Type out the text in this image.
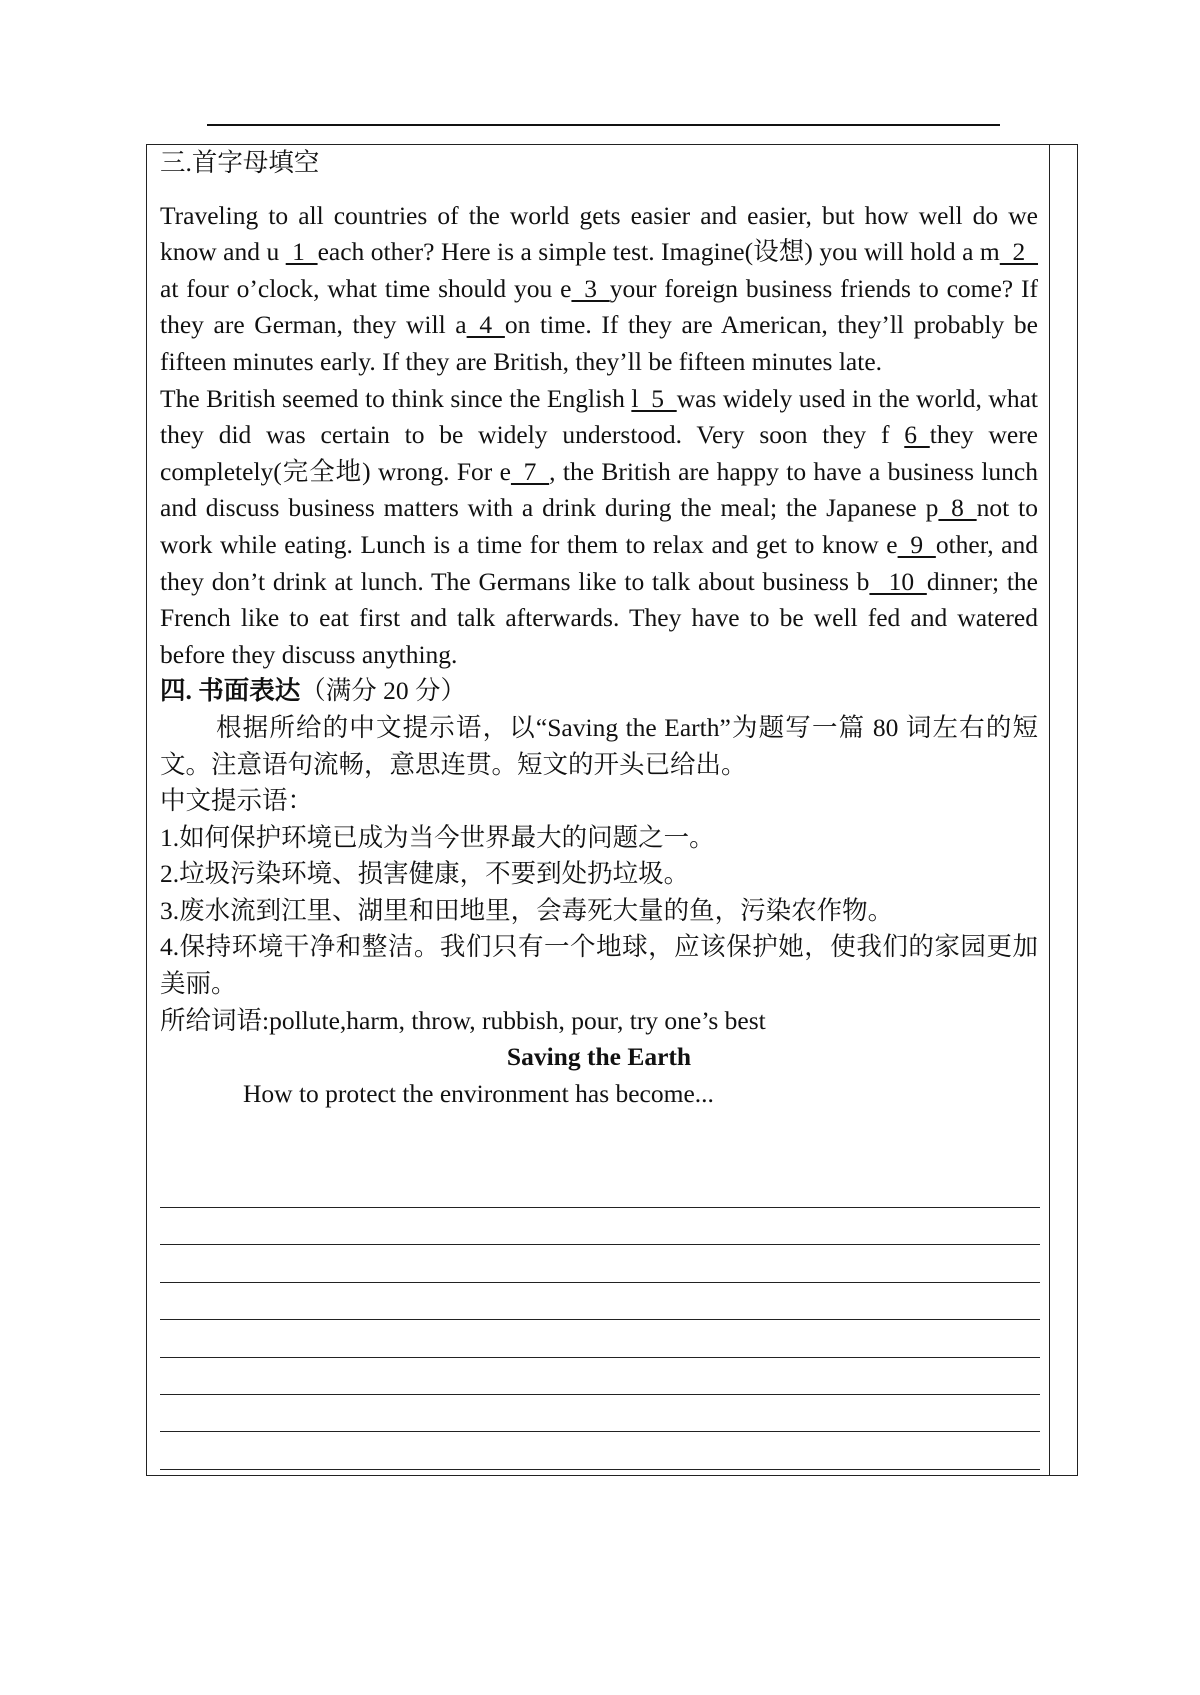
三.首字母填空

Traveling to all countries of the world gets easier and easier, but how well do we know and u  1  each other? Here is a simple test. Imagine(设想) you will hold a m  2  at four o’clock, what time should you e  3  your foreign business friends to come? If they are German, they will a  4  on time. If they are American, they’ll probably be fifteen minutes early. If they are British, they’ll be fifteen minutes late.

The British seemed to think since the English l  5  was widely used in the world, what they did was certain to be widely understood. Very soon they f 6  they were completely(完全地) wrong. For e  7  , the British are happy to have a business lunch and discuss business matters with a drink during the meal; the Japanese p  8  not to work while eating. Lunch is a time for them to relax and get to know e  9  other, and they don’t drink at lunch. The Germans like to talk about business b   10  dinner; the French like to eat first and talk afterwards. They have to be well fed and watered before they discuss anything.

四. 书面表达（满分 20 分）

根据所给的中文提示语，以“Saving the Earth”为题写一篇 80 词左右的短文。注意语句流畅，意思连贯。短文的开头已给出。

中文提示语：

1.如何保护环境已成为当今世界最大的问题之一。

2.垃圾污染环境、损害健康，不要到处扔垃圾。

3.废水流到江里、湖里和田地里，会毒死大量的鱼，污染农作物。

4.保持环境干净和整洁。我们只有一个地球，应该保护她，使我们的家园更加美丽。

所给词语:pollute,harm, throw, rubbish, pour, try one’s best

Saving the Earth

How to protect the environment has become...
